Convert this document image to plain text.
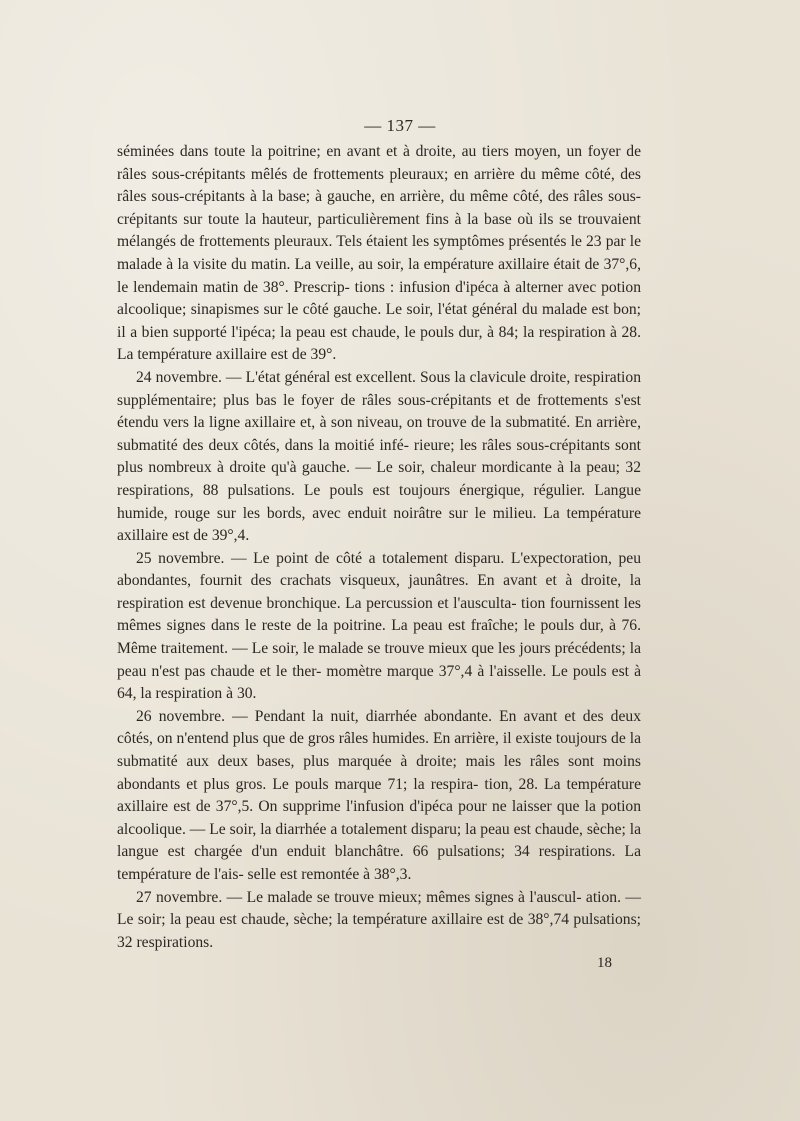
— 137 —

séminées dans toute la poitrine; en avant et à droite, au tiers moyen, un foyer de râles sous-crépitants mêlés de frottements pleuraux; en arrière du même côté, des râles sous-crépitants à la base; à gauche, en arrière, du même côté, des râles sous-crépitants sur toute la hauteur, particulièrement fins à la base où ils se trouvaient mélangés de frottements pleuraux. Tels étaient les symptômes présentés le 23 par le malade à la visite du matin. La veille, au soir, la empérature axillaire était de 37°,6, le lendemain matin de 38°. Prescrip- tions : infusion d'ipéca à alterner avec potion alcoolique; sinapismes sur le côté gauche. Le soir, l'état général du malade est bon; il a bien supporté l'ipéca; la peau est chaude, le pouls dur, à 84; la respiration à 28. La température axillaire est de 39°.

24 novembre. — L'état général est excellent. Sous la clavicule droite, respiration supplémentaire; plus bas le foyer de râles sous-crépitants et de frottements s'est étendu vers la ligne axillaire et, à son niveau, on trouve de la submatité. En arrière, submatité des deux côtés, dans la moitié infé- rieure; les râles sous-crépitants sont plus nombreux à droite qu'à gauche. — Le soir, chaleur mordicante à la peau; 32 respirations, 88 pulsations. Le pouls est toujours énergique, régulier. Langue humide, rouge sur les bords, avec enduit noirâtre sur le milieu. La température axillaire est de 39°,4.

25 novembre. — Le point de côté a totalement disparu. L'expectoration, peu abondantes, fournit des crachats visqueux, jaunâtres. En avant et à droite, la respiration est devenue bronchique. La percussion et l'ausculta- tion fournissent les mêmes signes dans le reste de la poitrine. La peau est fraîche; le pouls dur, à 76. Même traitement. — Le soir, le malade se trouve mieux que les jours précédents; la peau n'est pas chaude et le ther- momètre marque 37°,4 à l'aisselle. Le pouls est à 64, la respiration à 30.

26 novembre. — Pendant la nuit, diarrhée abondante. En avant et des deux côtés, on n'entend plus que de gros râles humides. En arrière, il existe toujours de la submatité aux deux bases, plus marquée à droite; mais les râles sont moins abondants et plus gros. Le pouls marque 71; la respira- tion, 28. La température axillaire est de 37°,5. On supprime l'infusion d'ipéca pour ne laisser que la potion alcoolique. — Le soir, la diarrhée a totalement disparu; la peau est chaude, sèche; la langue est chargée d'un enduit blanchâtre. 66 pulsations; 34 respirations. La température de l'ais- selle est remontée à 38°,3.

27 novembre. — Le malade se trouve mieux; mêmes signes à l'auscul- ation. — Le soir; la peau est chaude, sèche; la température axillaire est de 38°,74 pulsations; 32 respirations.

18
